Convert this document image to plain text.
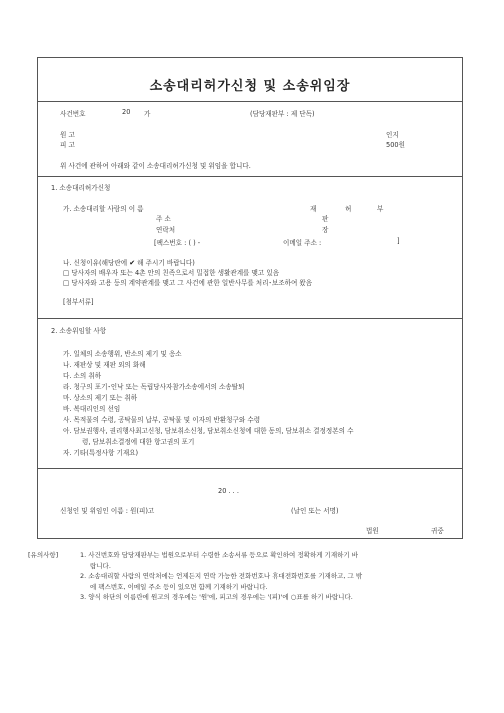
소송대리허가신청 및 소송위임장
사건번호	20 가	(담당재판부 : 제 단독)
원 고
피 고
인지
500원
위 사건에 관하여 아래와 같이 소송대리허가신청 및 위임을 합니다.
1. 소송대리허가신청
가. 소송대리할 사람의 이 름	재	허	부
주 소	판
연락처	장
[팩스번호 : ( ) -	이메일 주소 :	]
나. 신청이유(해당란에 ✔ 해 주시기 바랍니다)
□ 당사자의 배우자 또는 4촌 안의 친족으로서 밀접한 생활관계를 맺고 있음
□ 당사자와 고용 등의 계약관계를 맺고 그 사건에 관한 일반사무를 처리･보조하여 왔음
[첨부서류]
2. 소송위임할 사항
가. 일체의 소송행위, 반소의 제기 및 응소
나. 재판상 및 재판 외의 화해
다. 소의 취하
라. 청구의 포기･인낙 또는 독립당사자참가소송에서의 소송탈퇴
마. 상소의 제기 또는 취하
바. 복대리인의 선임
사. 목적물의 수령, 공탁물의 납부, 공탁물 및 이자의 반환청구와 수령
아. 담보권행사, 권리행사최고신청, 담보취소신청, 담보취소신청에 대한 동의, 담보취소 결정정본의 수
령, 담보취소결정에 대한 항고권의 포기
자. 기타(특정사항 기재요)
20 . . .
신청인 및 위임인 이름 : 원(피)고	(날인 또는 서명)
법원	귀중
[유의사항]	1. 사건번호와 담당재판부는 법원으로부터 수령한 소송서류 등으로 확인하여 정확하게 기재하기 바
랍니다.
2. 소송대리할 사람의 연락처에는 언제든지 연락 가능한 전화번호나 휴대전화번호를 기재하고, 그 밖
에 팩스번호, 이메일 주소 등이 있으면 함께 기재하기 바랍니다.
3. 양식 하단의 이름란에 원고의 경우에는 '원'에, 피고의 경우에는 '(피)'에 ○표를 하기 바랍니다.
